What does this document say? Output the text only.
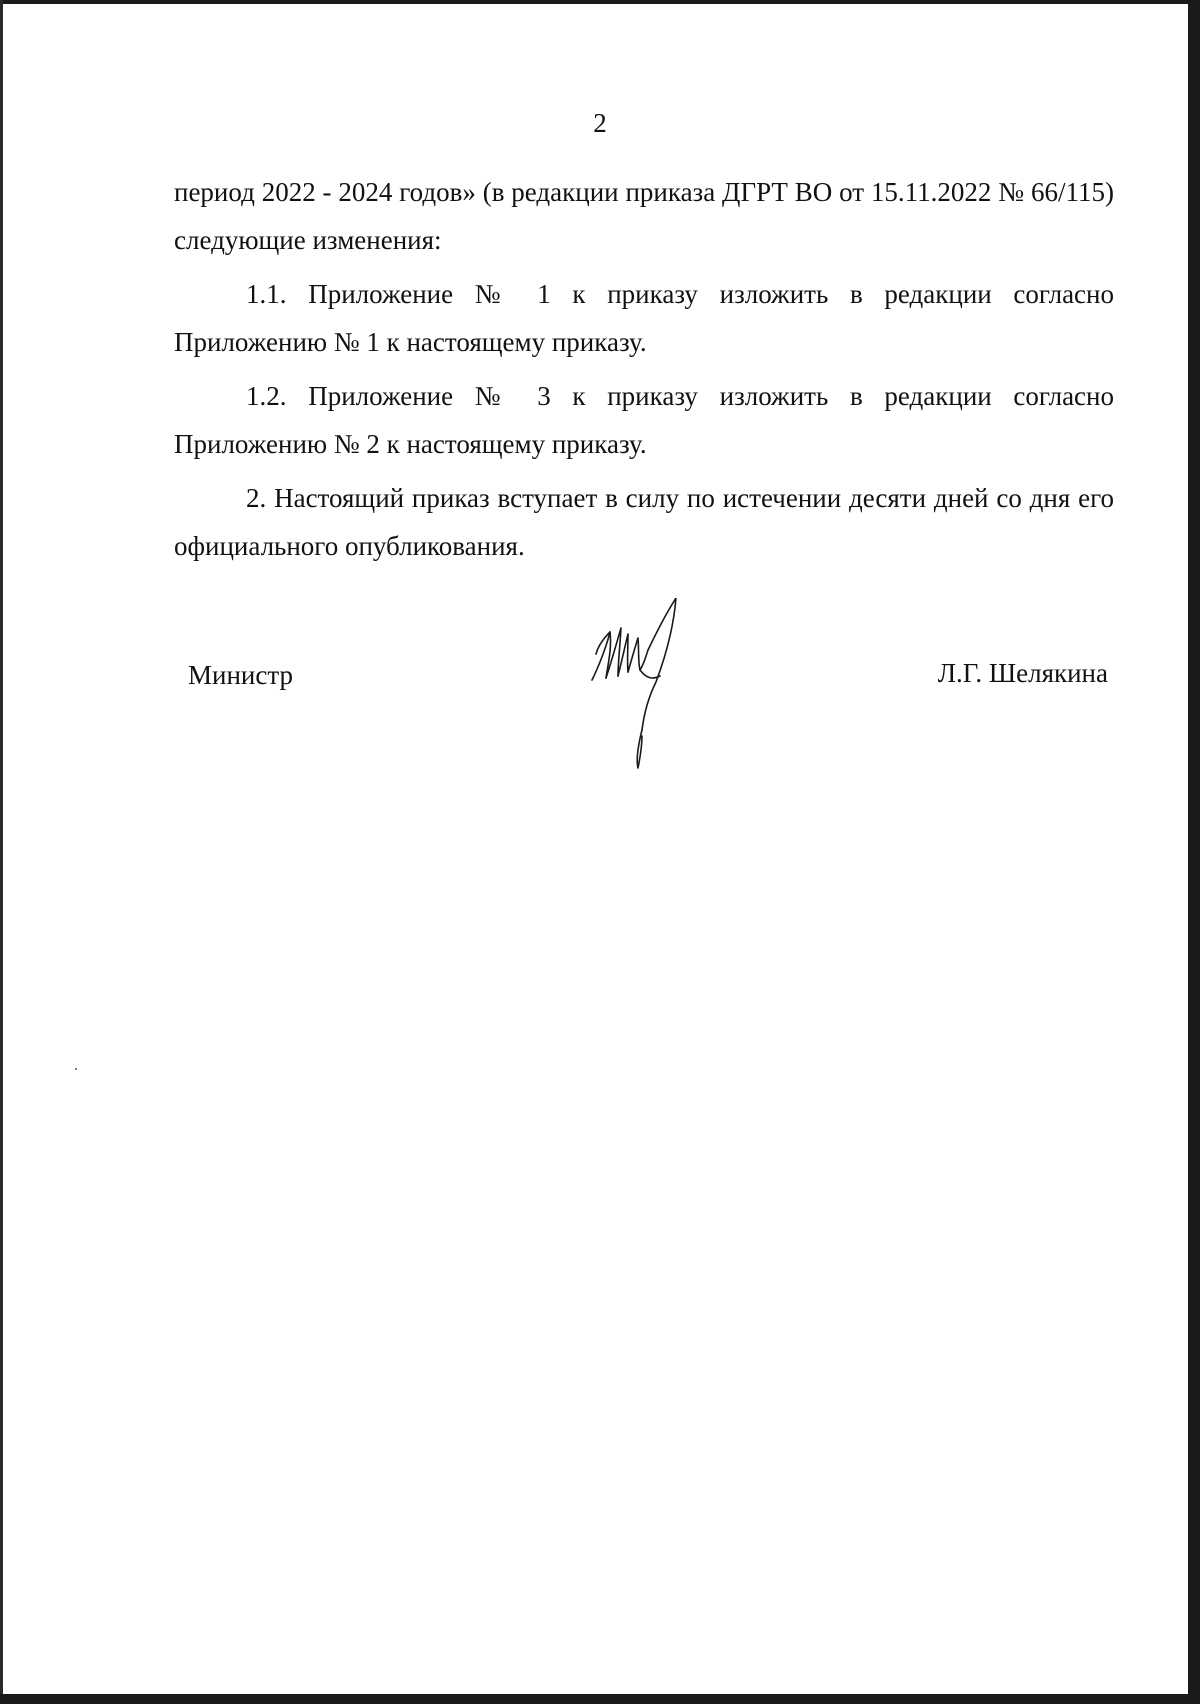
2

период 2022 - 2024 годов» (в редакции приказа ДГРТ ВО от 15.11.2022 № 66/115) следующие изменения:

1.1. Приложение № 1 к приказу изложить в редакции согласно Приложению № 1 к настоящему приказу.

1.2. Приложение № 3 к приказу изложить в редакции согласно Приложению № 2 к настоящему приказу.

2. Настоящий приказ вступает в силу по истечении десяти дней со дня его официального опубликования.

Министр	Л.Г. Шелякина
